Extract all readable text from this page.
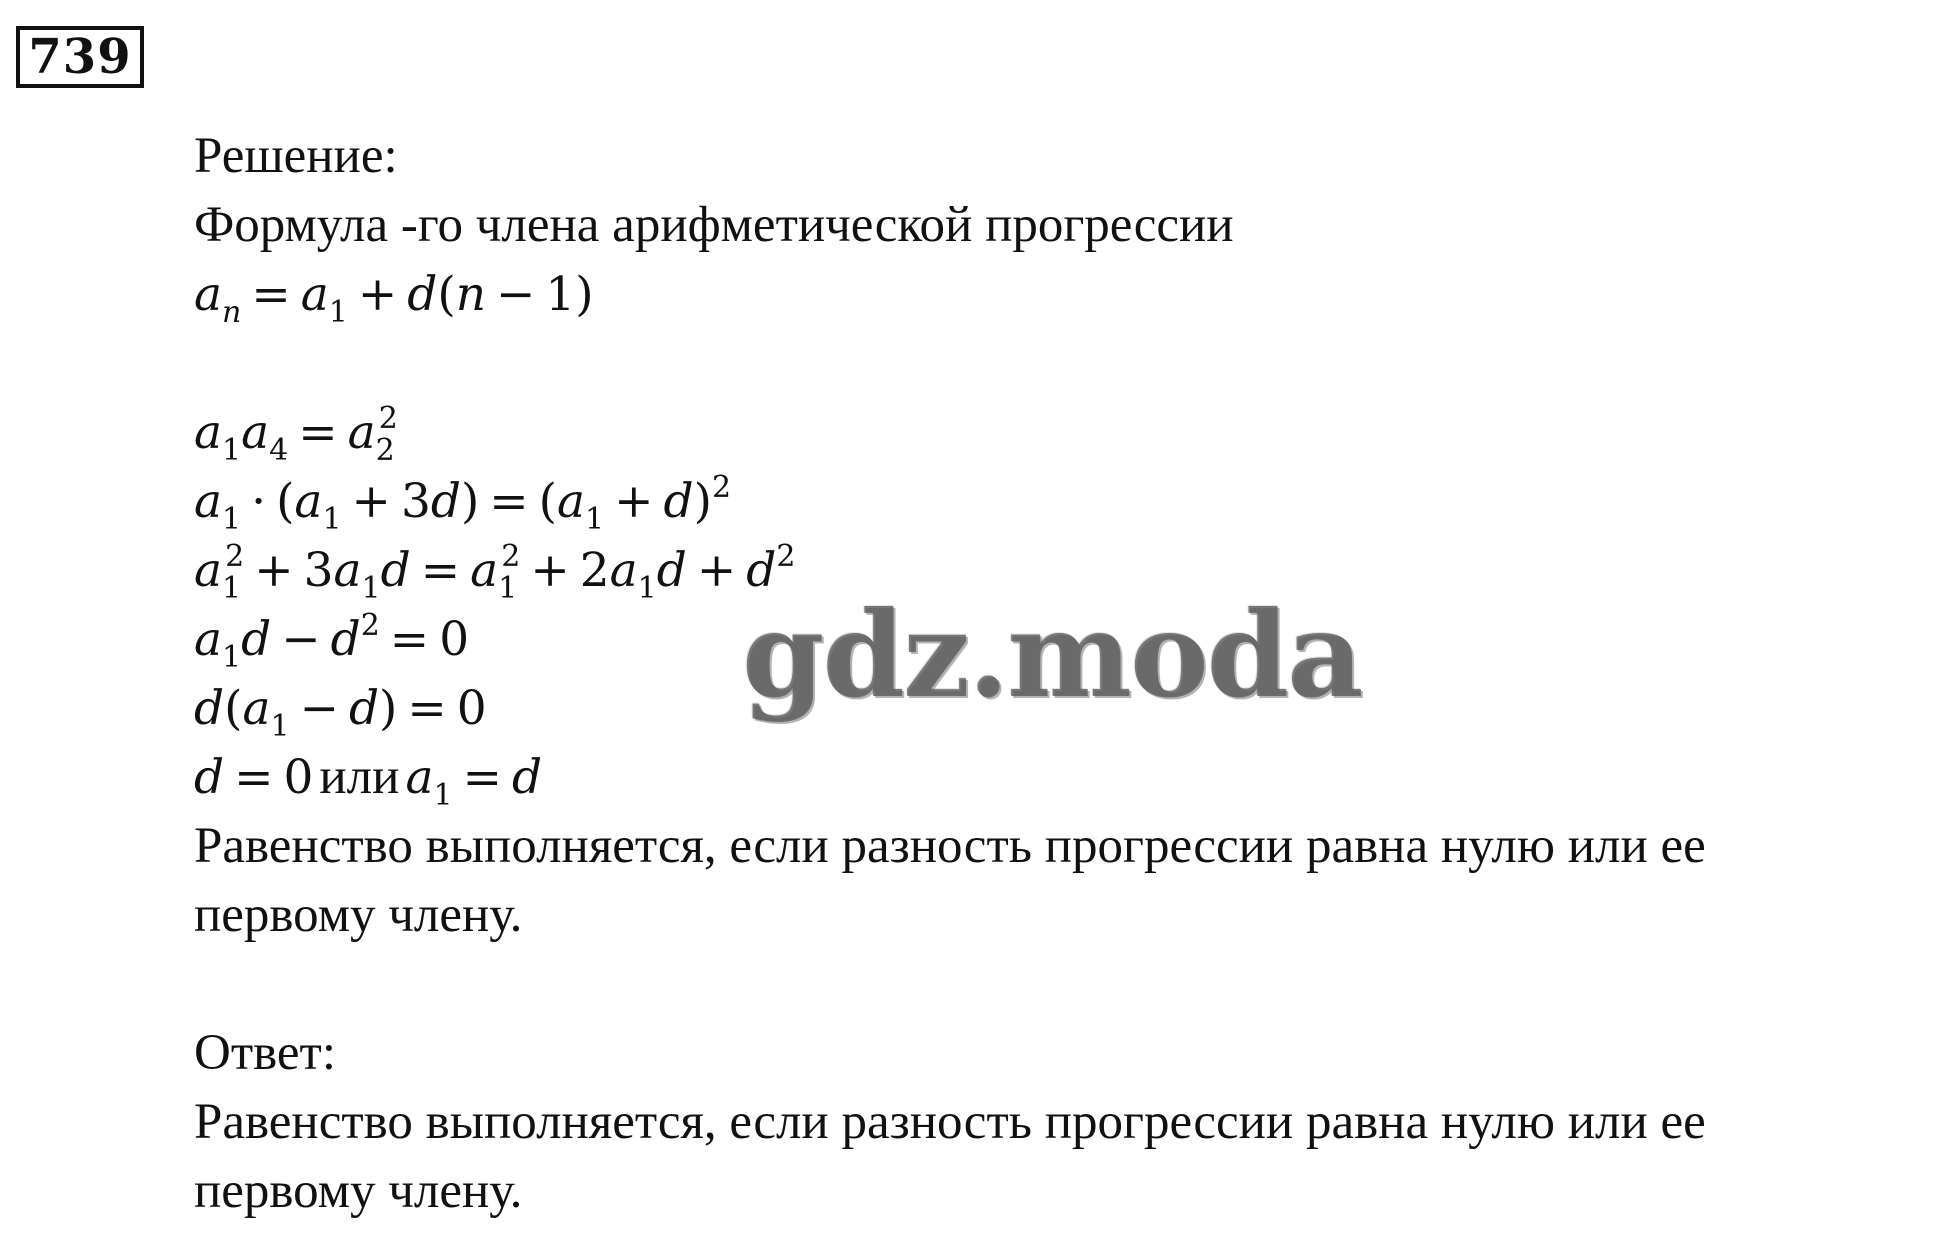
739
Решение:
Формула -го члена арифметической прогрессии
$a_n = a_1 + d(n - 1)$
$a_1a_4 = a_2^2$
$a_1 \cdot (a_1 + 3d) = (a_1 + d)^2$
$a_1^2 + 3a_1d = a_1^2 + 2a_1d + d^2$
$a_1d - d^2 = 0$
$d(a_1 - d) = 0$
d = 0 или $a_1 = d$
Равенство выполняется, если разность прогрессии равна нулю или ее
первому члену.
Ответ:
Равенство выполняется, если разность прогрессии равна нулю или ее
первому члену.
gdz.moda
